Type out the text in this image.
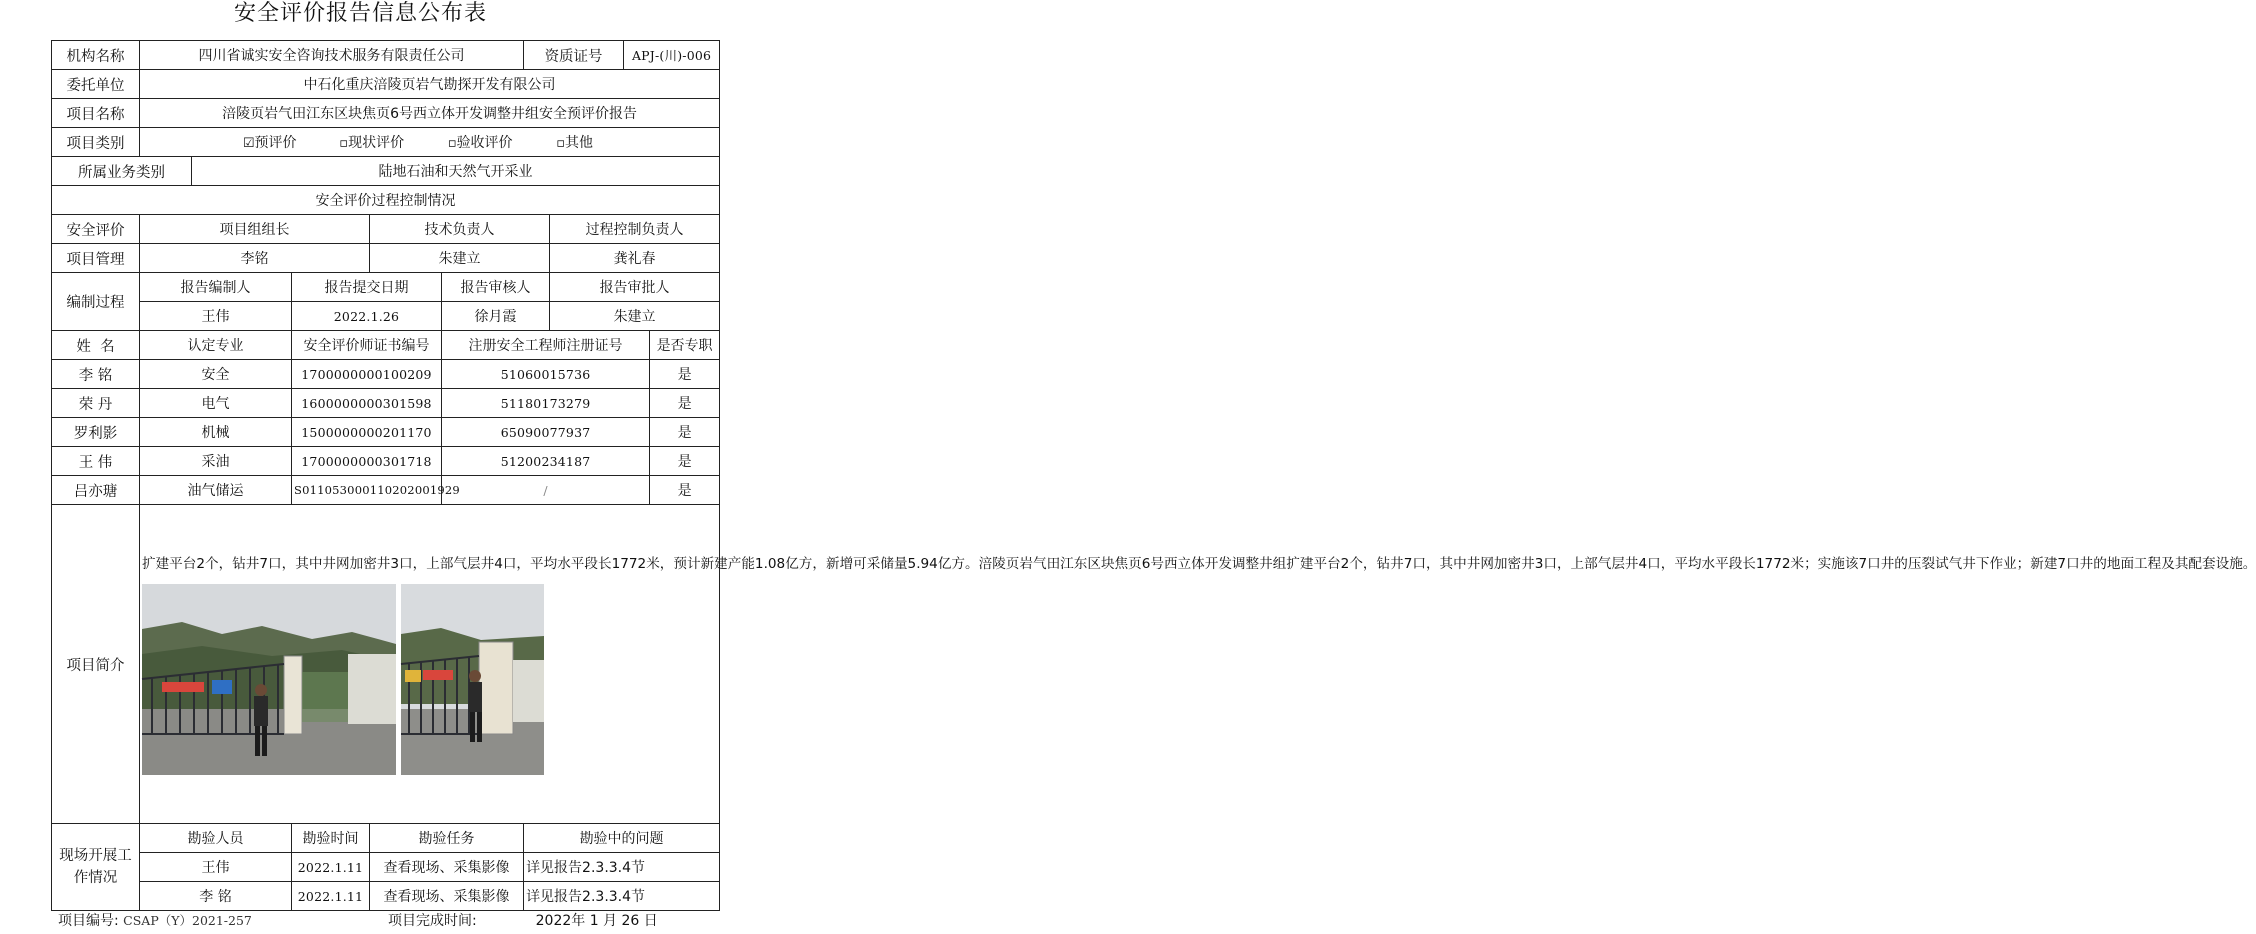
安全评价报告信息公布表
机构名称	四川省诚实安全咨询技术服务有限责任公司					资质证号		APJ-(川)-006	
委托单位	中石化重庆涪陵页岩气勘探开发有限公司								
项目名称	涪陵页岩气田江东区块焦页6号西立体开发调整井组安全预评价报告								
项目类别	☑预评价 ▫现状评价 ▫验收评价 ▫其他								
所属业务类别		陆地石油和天然气开采业							
安全评价过程控制情况									
安全评价	项目组组长			技术负责人			过程控制负责人		
项目管理	李铭			朱建立			龚礼春		
编制过程	报告编制人		报告提交日期		报告审核人		报告审批人		
	王伟		2022.1.26		徐月霞		朱建立		
姓  名	认定专业		安全评价师证书编号		注册安全工程师注册证号				是否专职
李 铭	安全		1700000000100209		51060015736				是
荣 丹	电气		1600000000301598		51180173279				是
罗利影	机械		1500000000201170		65090077937				是
王 伟	采油		1700000000301718		51200234187				是
吕亦瑭	油气储运		S011053000110202001929		/				是
项目简介	扩建平台2个，钻井7口，其中井网加密井3口，上部气层井4口，平均水平段长1772米，预计新建产能1.08亿方，新增可采储量5.94亿方。涪陵页岩气田江东区块焦页6号西立体开发调整井组扩建平台2个，钻井7口，其中井网加密井3口，上部气层井4口，平均水平段长1772米；实施该7口井的压裂试气井下作业；新建7口井的地面工程及其配套设施。								

现场开展工作情况	勘验人员		勘验时间	勘验任务		勘验中的问题			
	王伟		2022.1.11	查看现场、采集影像		详见报告2.3.3.4节			
	李 铭		2022.1.11	查看现场、采集影像		详见报告2.3.3.4节			
项目编号: CSAP（Y）2021-257	项目完成时间:	2022年 1 月 26 日
